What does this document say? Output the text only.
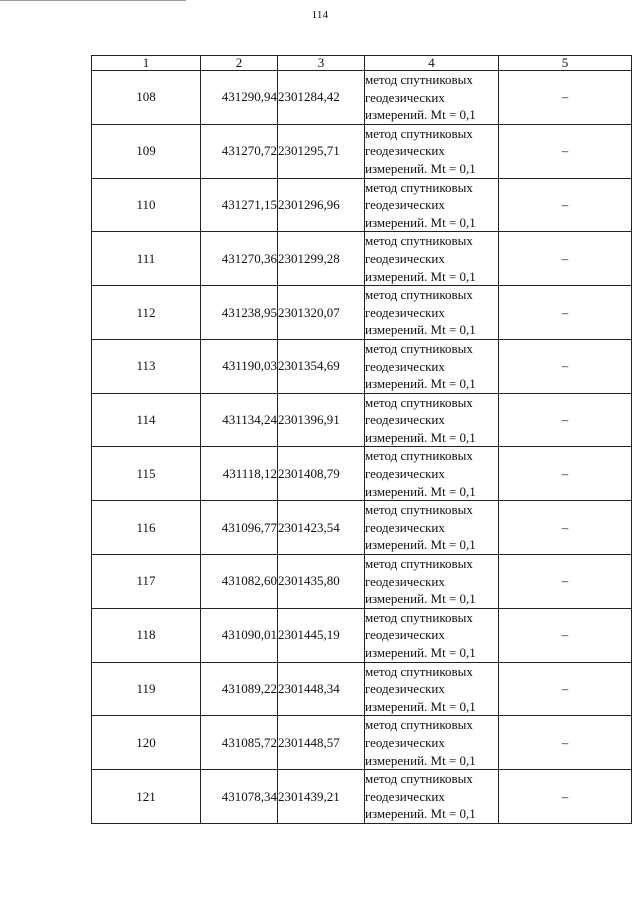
114
1	2	3	4	5
108	431290,94	2301284,42	метод спутниковых
геодезических
измерений. Mt = 0,1	–
109	431270,72	2301295,71	метод спутниковых
геодезических
измерений. Mt = 0,1	–
110	431271,15	2301296,96	метод спутниковых
геодезических
измерений. Mt = 0,1	–
111	431270,36	2301299,28	метод спутниковых
геодезических
измерений. Mt = 0,1	–
112	431238,95	2301320,07	метод спутниковых
геодезических
измерений. Mt = 0,1	–
113	431190,03	2301354,69	метод спутниковых
геодезических
измерений. Mt = 0,1	–
114	431134,24	2301396,91	метод спутниковых
геодезических
измерений. Mt = 0,1	–
115	431118,12	2301408,79	метод спутниковых
геодезических
измерений. Mt = 0,1	–
116	431096,77	2301423,54	метод спутниковых
геодезических
измерений. Mt = 0,1	–
117	431082,60	2301435,80	метод спутниковых
геодезических
измерений. Mt = 0,1	–
118	431090,01	2301445,19	метод спутниковых
геодезических
измерений. Mt = 0,1	–
119	431089,22	2301448,34	метод спутниковых
геодезических
измерений. Mt = 0,1	–
120	431085,72	2301448,57	метод спутниковых
геодезических
измерений. Mt = 0,1	–
121	431078,34	2301439,21	метод спутниковых
геодезических
измерений. Mt = 0,1	–
